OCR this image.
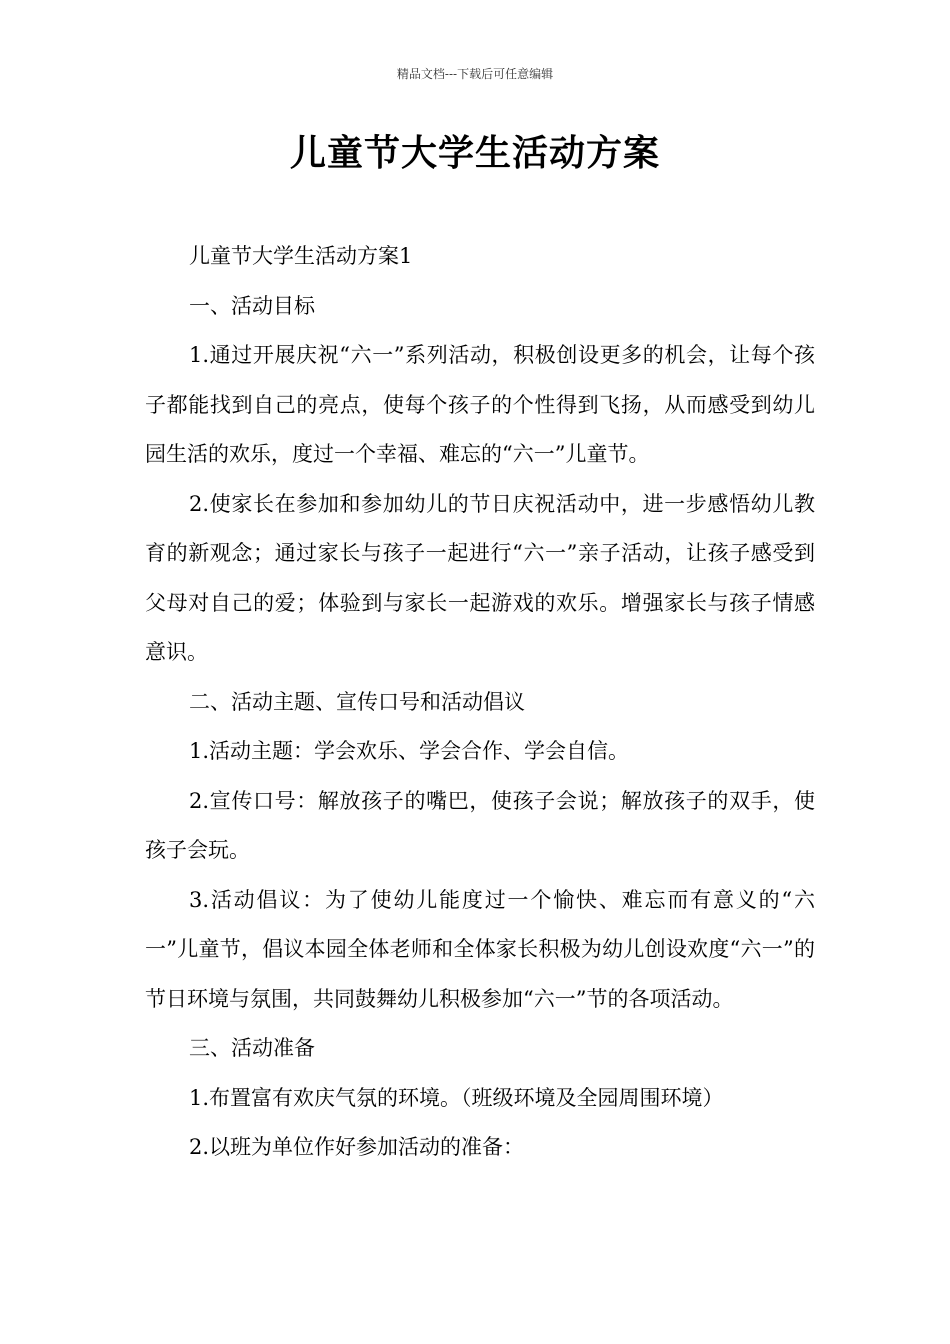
精品文档---下载后可任意编辑
儿童节大学生活动方案

儿童节大学生活动方案1

一、活动目标

1.通过开展庆祝“六一”系列活动，积极创设更多的机会，让每个孩子都能找到自己的亮点，使每个孩子的个性得到飞扬，从而感受到幼儿园生活的欢乐，度过一个幸福、难忘的“六一”儿童节。

2.使家长在参加和参加幼儿的节日庆祝活动中，进一步感悟幼儿教育的新观念；通过家长与孩子一起进行“六一”亲子活动，让孩子感受到父母对自己的爱；体验到与家长一起游戏的欢乐。增强家长与孩子情感意识。

二、活动主题、宣传口号和活动倡议

1.活动主题：学会欢乐、学会合作、学会自信。

2.宣传口号：解放孩子的嘴巴，使孩子会说；解放孩子的双手，使孩子会玩。

3.活动倡议：为了使幼儿能度过一个愉快、难忘而有意义的“六一”儿童节，倡议本园全体老师和全体家长积极为幼儿创设欢度“六一”的节日环境与氛围，共同鼓舞幼儿积极参加“六一”节的各项活动。

三、活动准备

1.布置富有欢庆气氛的环境。（班级环境及全园周围环境）

2.以班为单位作好参加活动的准备：
